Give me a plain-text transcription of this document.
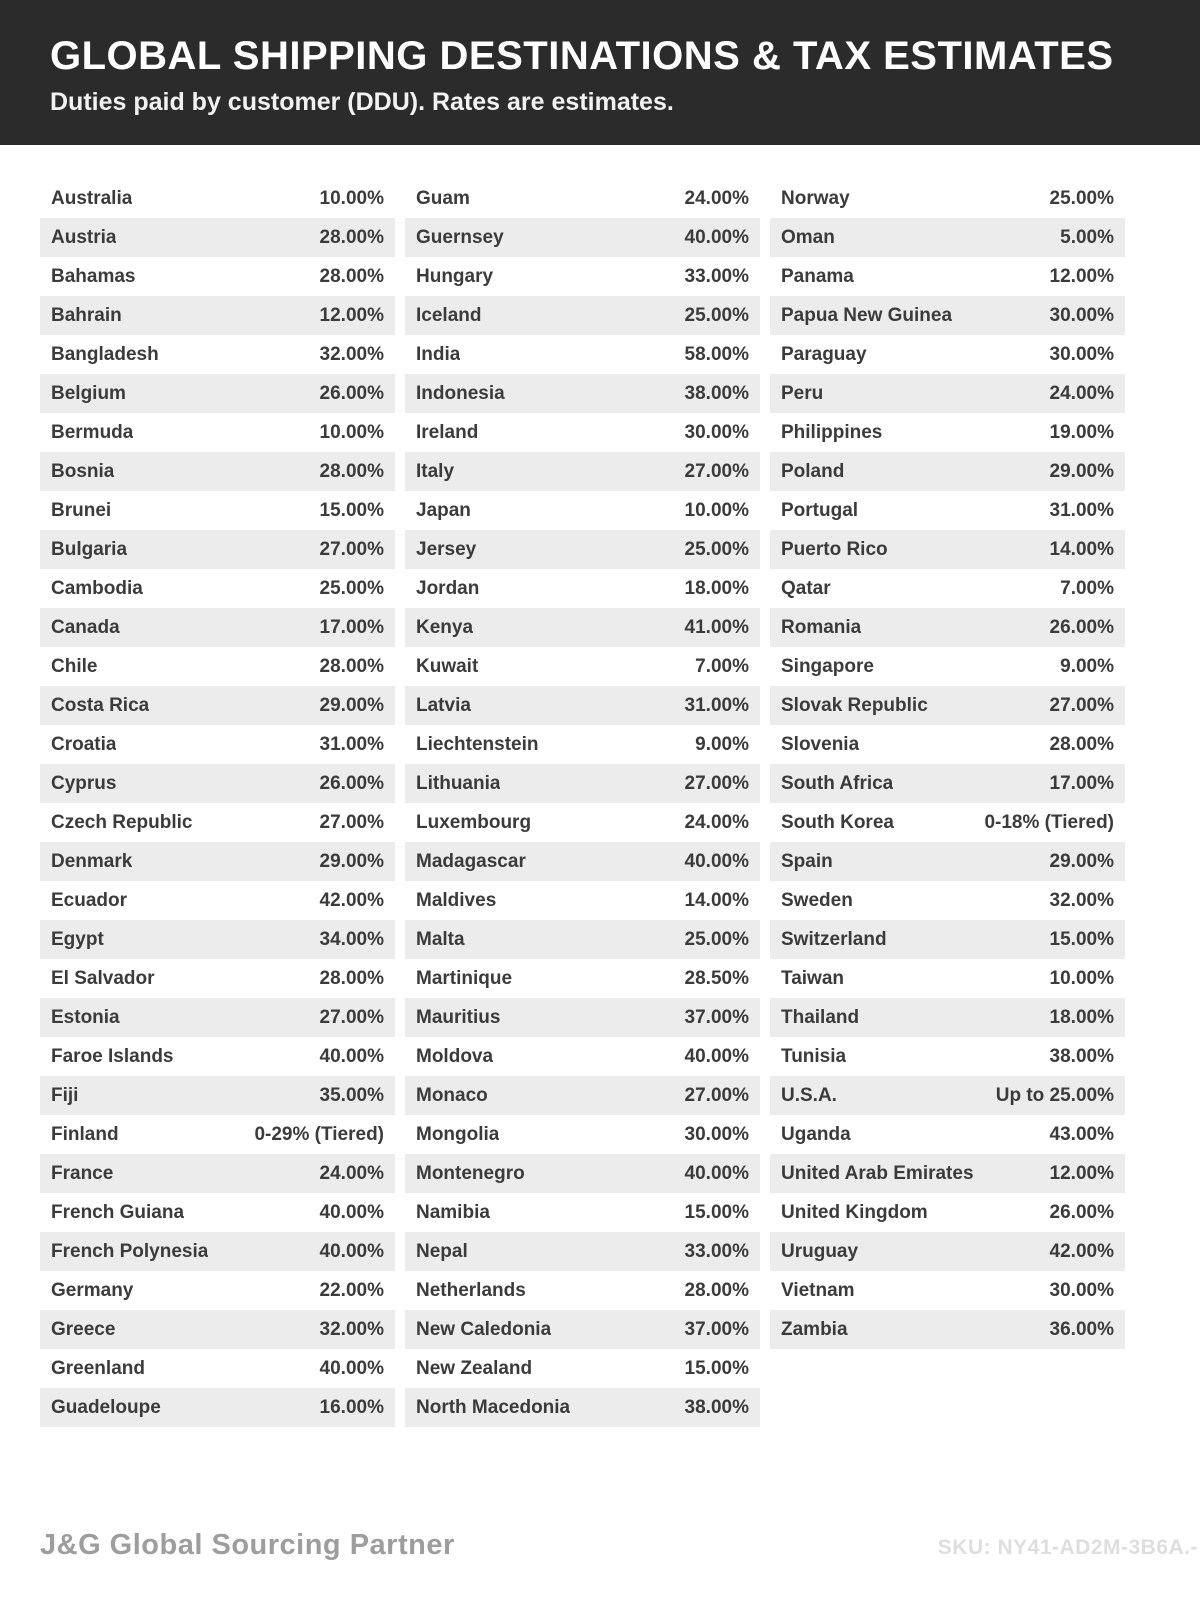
GLOBAL SHIPPING DESTINATIONS & TAX ESTIMATES
Duties paid by customer (DDU). Rates are estimates.
Australia	10.00%
Austria	28.00%
Bahamas	28.00%
Bahrain	12.00%
Bangladesh	32.00%
Belgium	26.00%
Bermuda	10.00%
Bosnia	28.00%
Brunei	15.00%
Bulgaria	27.00%
Cambodia	25.00%
Canada	17.00%
Chile	28.00%
Costa Rica	29.00%
Croatia	31.00%
Cyprus	26.00%
Czech Republic	27.00%
Denmark	29.00%
Ecuador	42.00%
Egypt	34.00%
El Salvador	28.00%
Estonia	27.00%
Faroe Islands	40.00%
Fiji	35.00%
Finland	0-29% (Tiered)
France	24.00%
French Guiana	40.00%
French Polynesia	40.00%
Germany	22.00%
Greece	32.00%
Greenland	40.00%
Guadeloupe	16.00%
Guam	24.00%
Guernsey	40.00%
Hungary	33.00%
Iceland	25.00%
India	58.00%
Indonesia	38.00%
Ireland	30.00%
Italy	27.00%
Japan	10.00%
Jersey	25.00%
Jordan	18.00%
Kenya	41.00%
Kuwait	7.00%
Latvia	31.00%
Liechtenstein	9.00%
Lithuania	27.00%
Luxembourg	24.00%
Madagascar	40.00%
Maldives	14.00%
Malta	25.00%
Martinique	28.50%
Mauritius	37.00%
Moldova	40.00%
Monaco	27.00%
Mongolia	30.00%
Montenegro	40.00%
Namibia	15.00%
Nepal	33.00%
Netherlands	28.00%
New Caledonia	37.00%
New Zealand	15.00%
North Macedonia	38.00%
Norway	25.00%
Oman	5.00%
Panama	12.00%
Papua New Guinea	30.00%
Paraguay	30.00%
Peru	24.00%
Philippines	19.00%
Poland	29.00%
Portugal	31.00%
Puerto Rico	14.00%
Qatar	7.00%
Romania	26.00%
Singapore	9.00%
Slovak Republic	27.00%
Slovenia	28.00%
South Africa	17.00%
South Korea	0-18% (Tiered)
Spain	29.00%
Sweden	32.00%
Switzerland	15.00%
Taiwan	10.00%
Thailand	18.00%
Tunisia	38.00%
U.S.A.	Up to 25.00%
Uganda	43.00%
United Arab Emirates	12.00%
United Kingdom	26.00%
Uruguay	42.00%
Vietnam	30.00%
Zambia	36.00%
J&G Global Sourcing Partner	SKU: NY41-AD2M-3B6A.-
